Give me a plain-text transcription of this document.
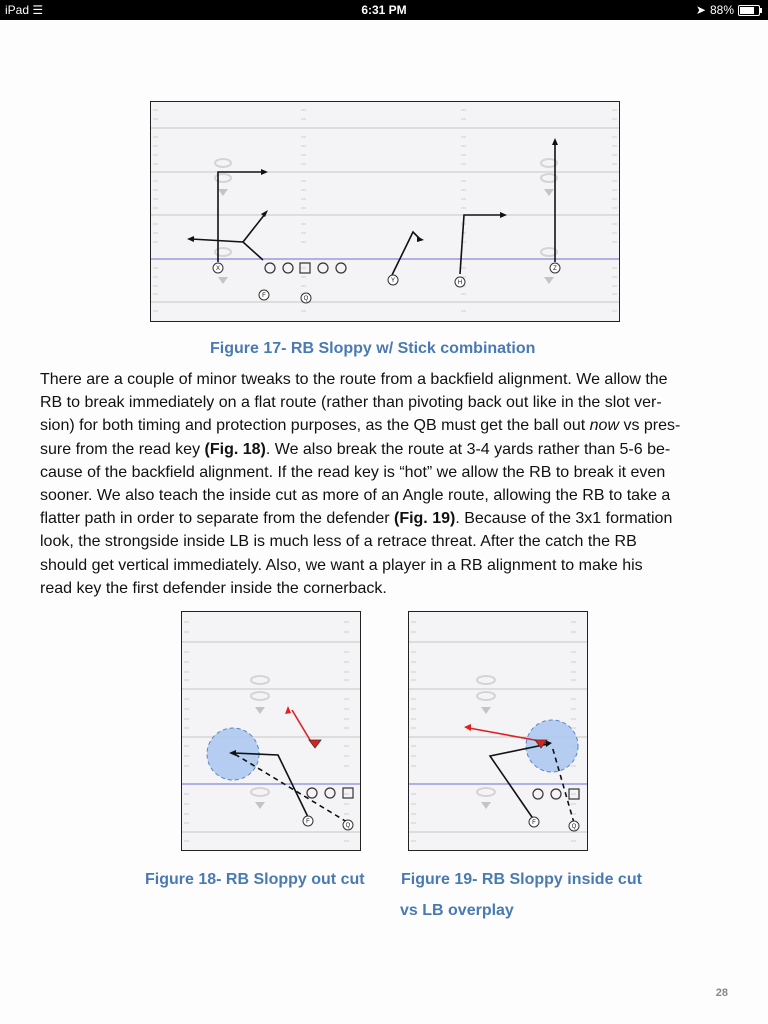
iPad ☰	6:31 PM	➤ 88%
X
F	Q
Y	H
Z
Figure 17- RB Sloppy w/ Stick combination

There are a couple of minor tweaks to the route from a backfield alignment. We allow the

RB to break immediately on a flat route (rather than pivoting back out like in the slot ver-

sion) for both timing and protection purposes, as the QB must get the ball out now vs pres-

sure from the read key (Fig. 18). We also break the route at 3-4 yards rather than 5-6 be-

cause of the backfield alignment. If the read key is “hot” we allow the RB to break it even

sooner. We also teach the inside cut as more of an Angle route, allowing the RB to take a

flatter path in order to separate from the defender (Fig. 19). Because of the 3x1 formation

look, the strongside inside LB is much less of a retrace threat. After the catch the RB

should get vertical immediately. Also, we want a player in a RB alignment to make his

read key the first defender inside the cornerback.

F
Q	F
Q
Figure 18- RB Sloppy out cut Figure 19- RB Sloppy inside cut
vs LB overplay
28
